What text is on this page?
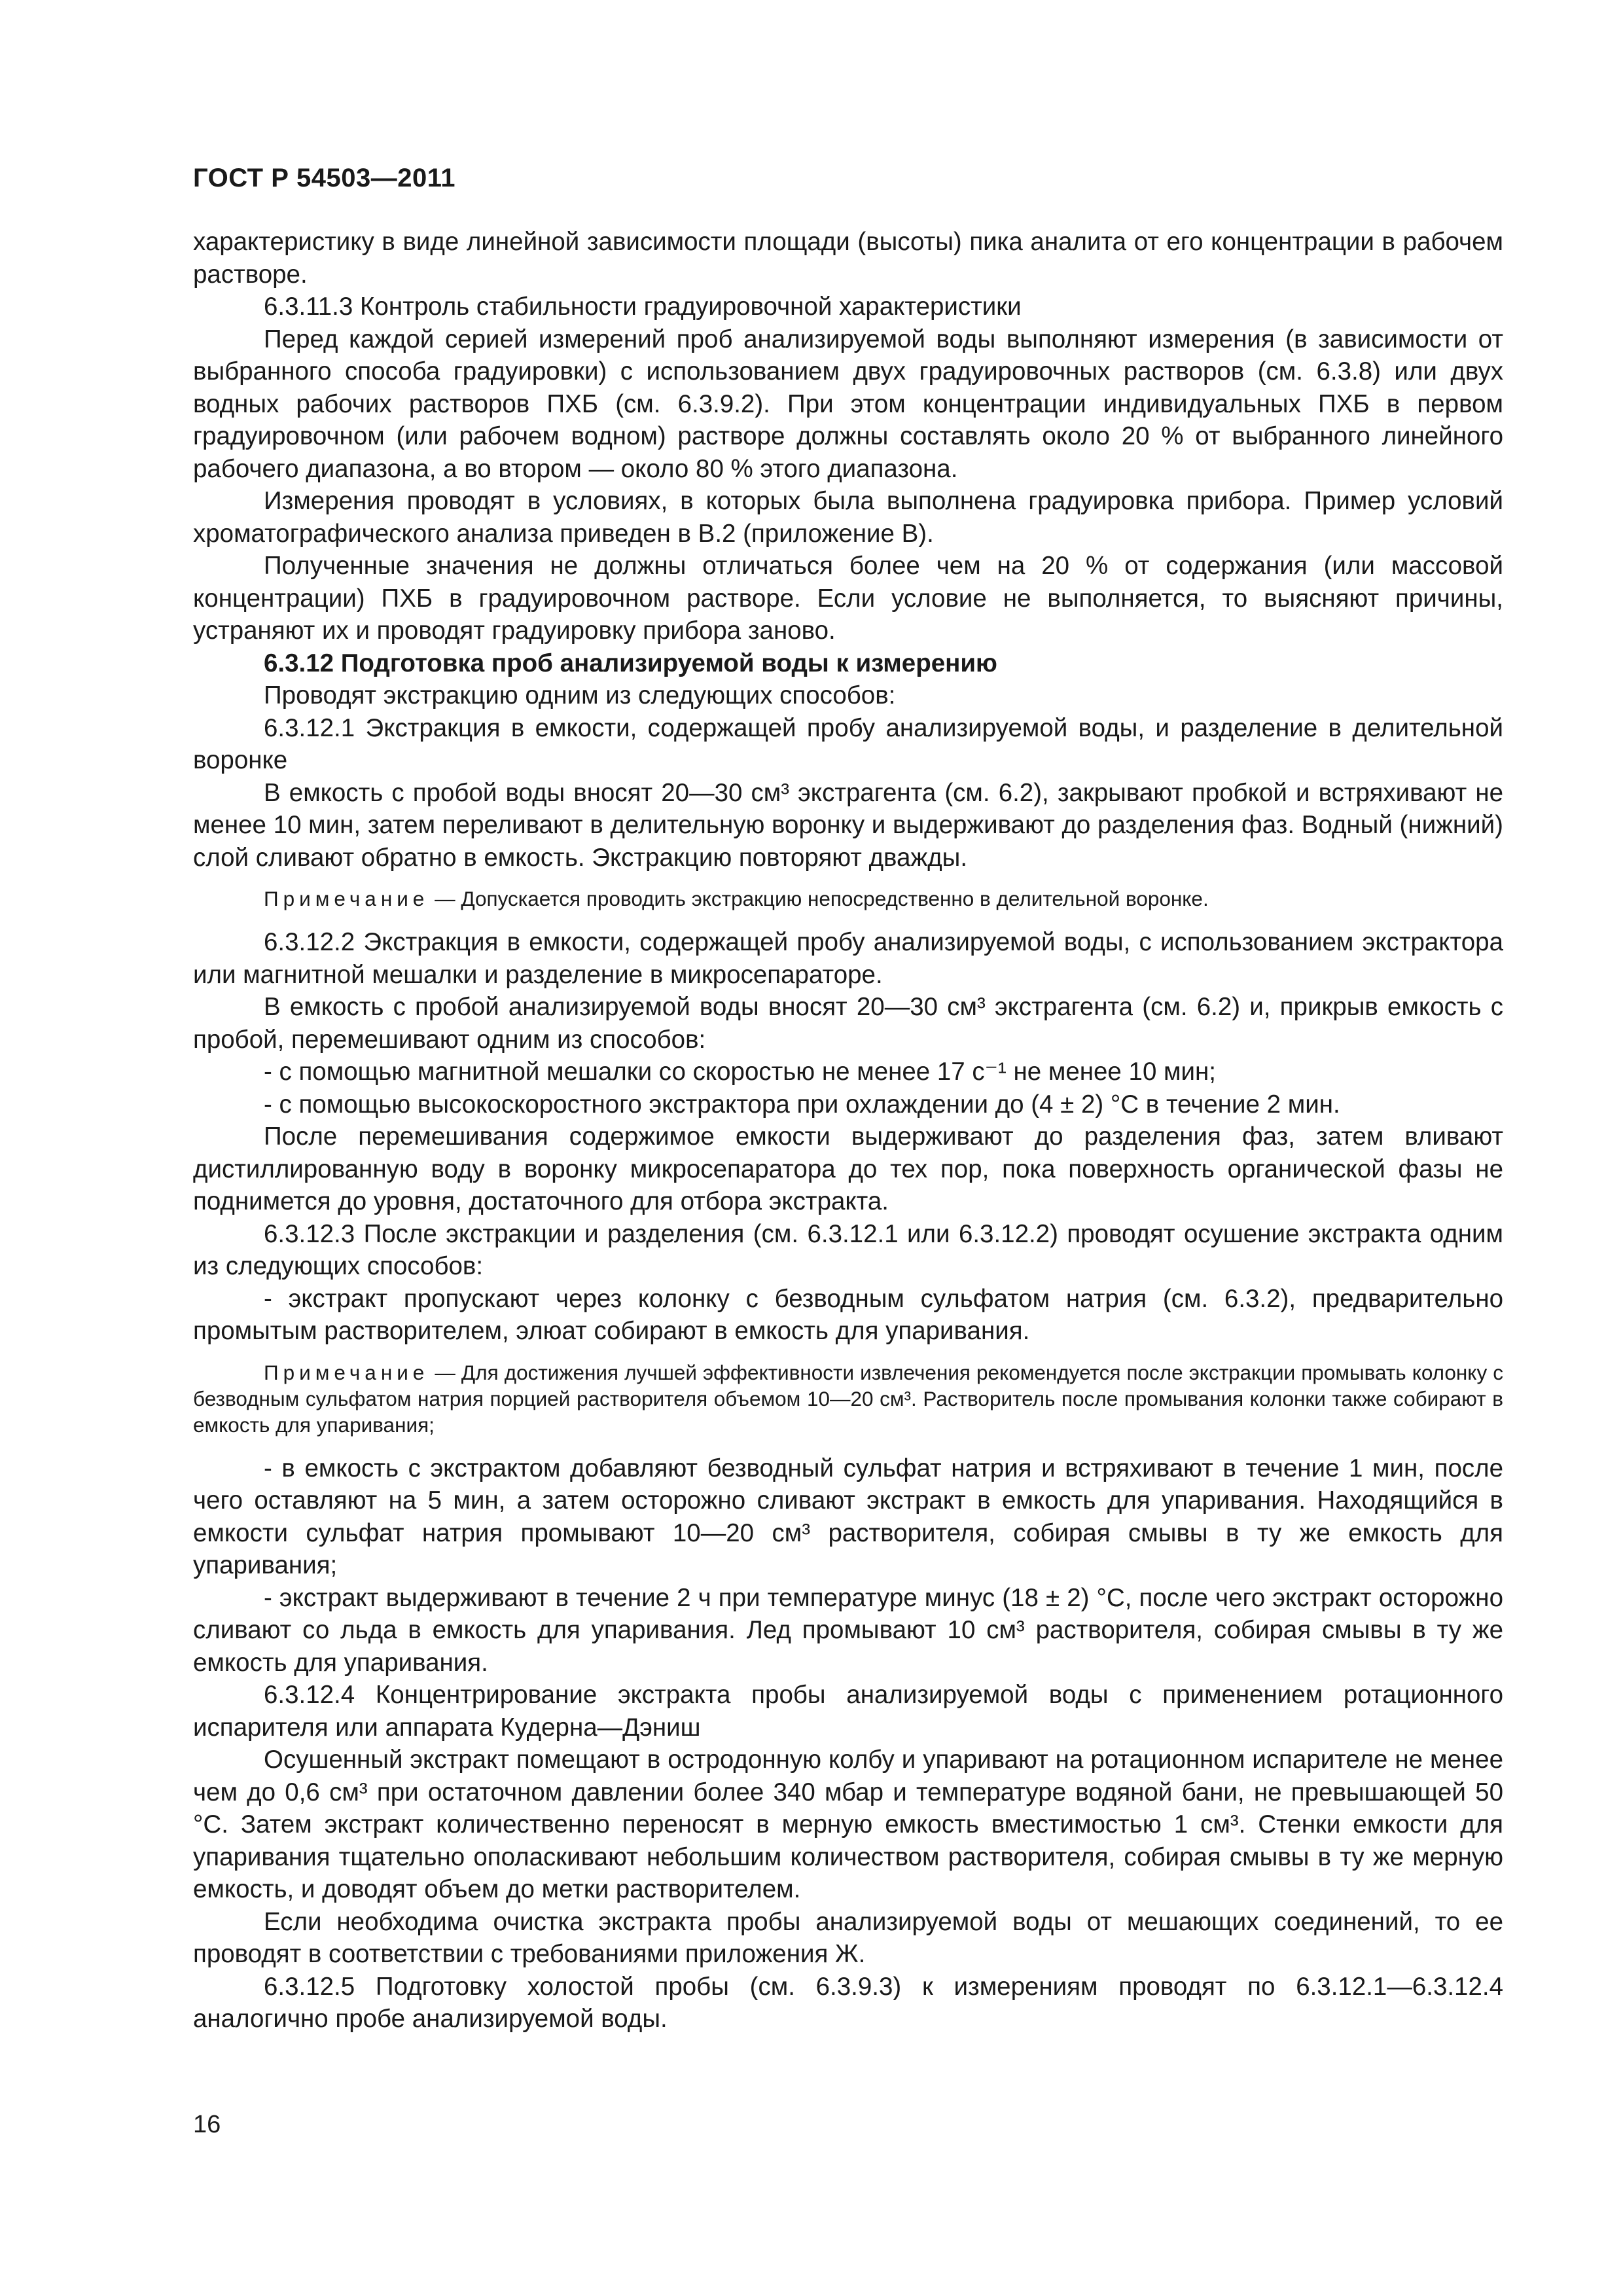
ГОСТ Р 54503—2011

характеристику в виде линейной зависимости площади (высоты) пика аналита от его концентрации в рабочем растворе.

6.3.11.3 Контроль стабильности градуировочной характеристики

Перед каждой серией измерений проб анализируемой воды выполняют измерения (в зависимости от выбранного способа градуировки) с использованием двух градуировочных растворов (см. 6.3.8) или двух водных рабочих растворов ПХБ (см. 6.3.9.2). При этом концентрации индивидуальных ПХБ в первом градуировочном (или рабочем водном) растворе должны составлять около 20 % от выбранного линейного рабочего диапазона, а во втором — около 80 % этого диапазона.

Измерения проводят в условиях, в которых была выполнена градуировка прибора. Пример условий хроматографического анализа приведен в В.2 (приложение В).

Полученные значения не должны отличаться более чем на 20 % от содержания (или массовой концентрации) ПХБ в градуировочном растворе. Если условие не выполняется, то выясняют причины, устраняют их и проводят градуировку прибора заново.

6.3.12 Подготовка проб анализируемой воды к измерению

Проводят экстракцию одним из следующих способов:

6.3.12.1 Экстракция в емкости, содержащей пробу анализируемой воды, и разделение в делительной воронке

В емкость с пробой воды вносят 20—30 см³ экстрагента (см. 6.2), закрывают пробкой и встряхивают не менее 10 мин, затем переливают в делительную воронку и выдерживают до разделения фаз. Водный (нижний) слой сливают обратно в емкость. Экстракцию повторяют дважды.

Примечание — Допускается проводить экстракцию непосредственно в делительной воронке.

6.3.12.2 Экстракция в емкости, содержащей пробу анализируемой воды, с использованием экстрактора или магнитной мешалки и разделение в микросепараторе.

В емкость с пробой анализируемой воды вносят 20—30 см³ экстрагента (см. 6.2) и, прикрыв емкость с пробой, перемешивают одним из способов:

- с помощью магнитной мешалки со скоростью не менее 17 с⁻¹ не менее 10 мин;

- с помощью высокоскоростного экстрактора при охлаждении до (4 ± 2) °С в течение 2 мин.

После перемешивания содержимое емкости выдерживают до разделения фаз, затем вливают дистиллированную воду в воронку микросепаратора до тех пор, пока поверхность органической фазы не поднимется до уровня, достаточного для отбора экстракта.

6.3.12.3 После экстракции и разделения (см. 6.3.12.1 или 6.3.12.2) проводят осушение экстракта одним из следующих способов:

- экстракт пропускают через колонку с безводным сульфатом натрия (см. 6.3.2), предварительно промытым растворителем, элюат собирают в емкость для упаривания.

Примечание — Для достижения лучшей эффективности извлечения рекомендуется после экстракции промывать колонку с безводным сульфатом натрия порцией растворителя объемом 10—20 см³. Растворитель после промывания колонки также собирают в емкость для упаривания;

- в емкость с экстрактом добавляют безводный сульфат натрия и встряхивают в течение 1 мин, после чего оставляют на 5 мин, а затем осторожно сливают экстракт в емкость для упаривания. Находящийся в емкости сульфат натрия промывают 10—20 см³ растворителя, собирая смывы в ту же емкость для упаривания;

- экстракт выдерживают в течение 2 ч при температуре минус (18 ± 2) °С, после чего экстракт осторожно сливают со льда в емкость для упаривания. Лед промывают 10 см³ растворителя, собирая смывы в ту же емкость для упаривания.

6.3.12.4 Концентрирование экстракта пробы анализируемой воды с применением ротационного испарителя или аппарата Кудерна—Дэниш

Осушенный экстракт помещают в остродонную колбу и упаривают на ротационном испарителе не менее чем до 0,6 см³ при остаточном давлении более 340 мбар и температуре водяной бани, не превышающей 50 °С. Затем экстракт количественно переносят в мерную емкость вместимостью 1 см³. Стенки емкости для упаривания тщательно ополаскивают небольшим количеством растворителя, собирая смывы в ту же мерную емкость, и доводят объем до метки растворителем.

Если необходима очистка экстракта пробы анализируемой воды от мешающих соединений, то ее проводят в соответствии с требованиями приложения Ж.

6.3.12.5 Подготовку холостой пробы (см. 6.3.9.3) к измерениям проводят по 6.3.12.1—6.3.12.4 аналогично пробе анализируемой воды.

16
